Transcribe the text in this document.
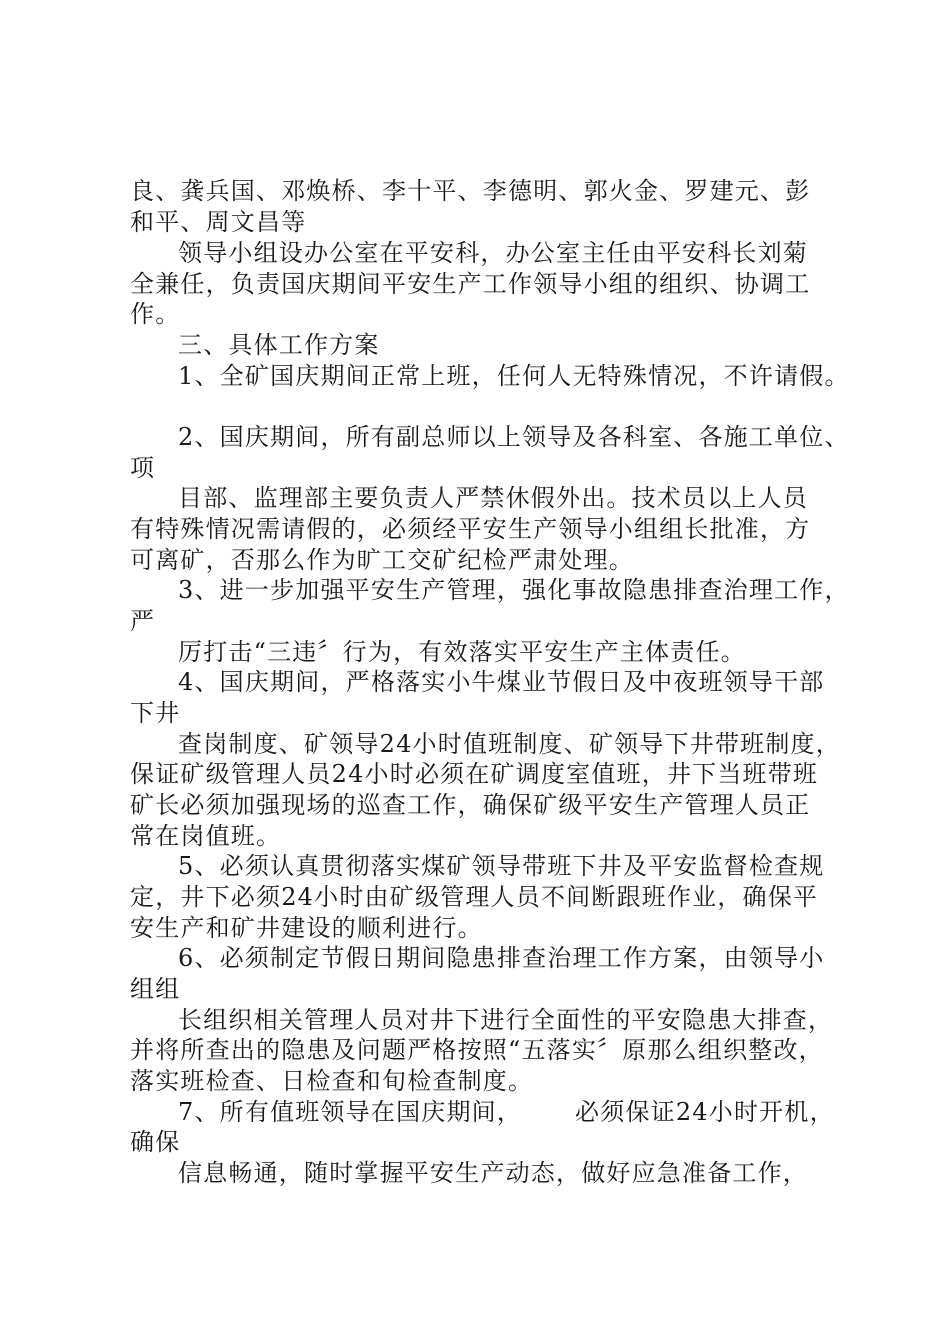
良、龚兵国、邓焕桥、李十平、李德明、郭火金、罗建元、彭
和平、周文昌等
领导小组设办公室在平安科，办公室主任由平安科长刘菊
全兼任，负责国庆期间平安生产工作领导小组的组织、协调工
作。
三、具体工作方案
1、全矿国庆期间正常上班，任何人无特殊情况，不许请假。
2、国庆期间，所有副总师以上领导及各科室、各施工单位、
项
目部、监理部主要负责人严禁休假外出。技术员以上人员
有特殊情况需请假的，必须经平安生产领导小组组长批准，方
可离矿，否那么作为旷工交矿纪检严肃处理。
3、进一步加强平安生产管理，强化事故隐患排查治理工作，
严
厉打击“三违〞行为，有效落实平安生产主体责任。
4、国庆期间，严格落实小牛煤业节假日及中夜班领导干部
下井
查岗制度、矿领导24小时值班制度、矿领导下井带班制度，
保证矿级管理人员24小时必须在矿调度室值班，井下当班带班
矿长必须加强现场的巡查工作，确保矿级平安生产管理人员正
常在岗值班。
5、必须认真贯彻落实煤矿领导带班下井及平安监督检查规
定，井下必须24小时由矿级管理人员不间断跟班作业，确保平
安生产和矿井建设的顺利进行。
6、必须制定节假日期间隐患排查治理工作方案，由领导小
组组
长组织相关管理人员对井下进行全面性的平安隐患大排查，
并将所查出的隐患及问题严格按照“五落实〞原那么组织整改，
落实班检查、日检查和旬检查制度。
7、所有值班领导在国庆期间，      必须保证24小时开机，
确保
信息畅通，随时掌握平安生产动态，做好应急准备工作，
